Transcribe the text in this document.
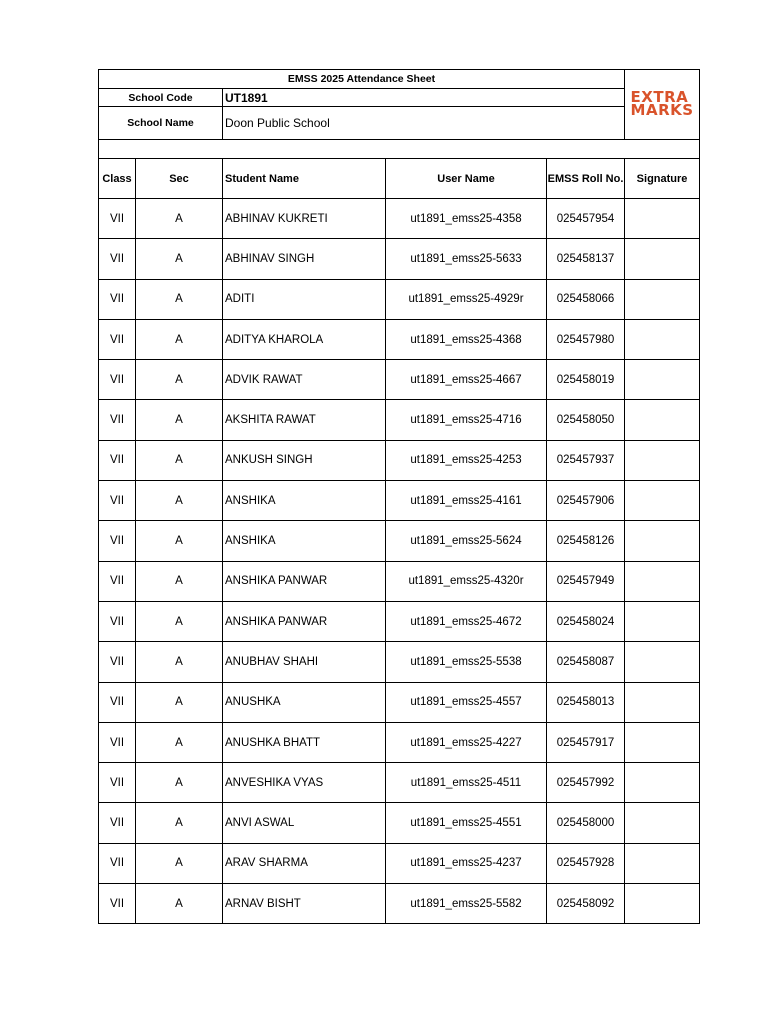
EMSS 2025 Attendance Sheet					EXTRA
MARKS

School Code		UT1891			
School Name		Doon Public School			

Class	Sec	Student Name	User Name	EMSS Roll No.	Signature
VII	A	ABHINAV KUKRETI	ut1891_emss25-4358	025457954	
VII	A	ABHINAV SINGH	ut1891_emss25-5633	025458137	
VII	A	ADITI	ut1891_emss25-4929r	025458066	
VII	A	ADITYA KHAROLA	ut1891_emss25-4368	025457980	
VII	A	ADVIK RAWAT	ut1891_emss25-4667	025458019	
VII	A	AKSHITA RAWAT	ut1891_emss25-4716	025458050	
VII	A	ANKUSH SINGH	ut1891_emss25-4253	025457937	
VII	A	ANSHIKA	ut1891_emss25-4161	025457906	
VII	A	ANSHIKA	ut1891_emss25-5624	025458126	
VII	A	ANSHIKA PANWAR	ut1891_emss25-4320r	025457949	
VII	A	ANSHIKA PANWAR	ut1891_emss25-4672	025458024	
VII	A	ANUBHAV SHAHI	ut1891_emss25-5538	025458087	
VII	A	ANUSHKA	ut1891_emss25-4557	025458013	
VII	A	ANUSHKA BHATT	ut1891_emss25-4227	025457917	
VII	A	ANVESHIKA VYAS	ut1891_emss25-4511	025457992	
VII	A	ANVI ASWAL	ut1891_emss25-4551	025458000	
VII	A	ARAV SHARMA	ut1891_emss25-4237	025457928	
VII	A	ARNAV BISHT	ut1891_emss25-5582	025458092	
